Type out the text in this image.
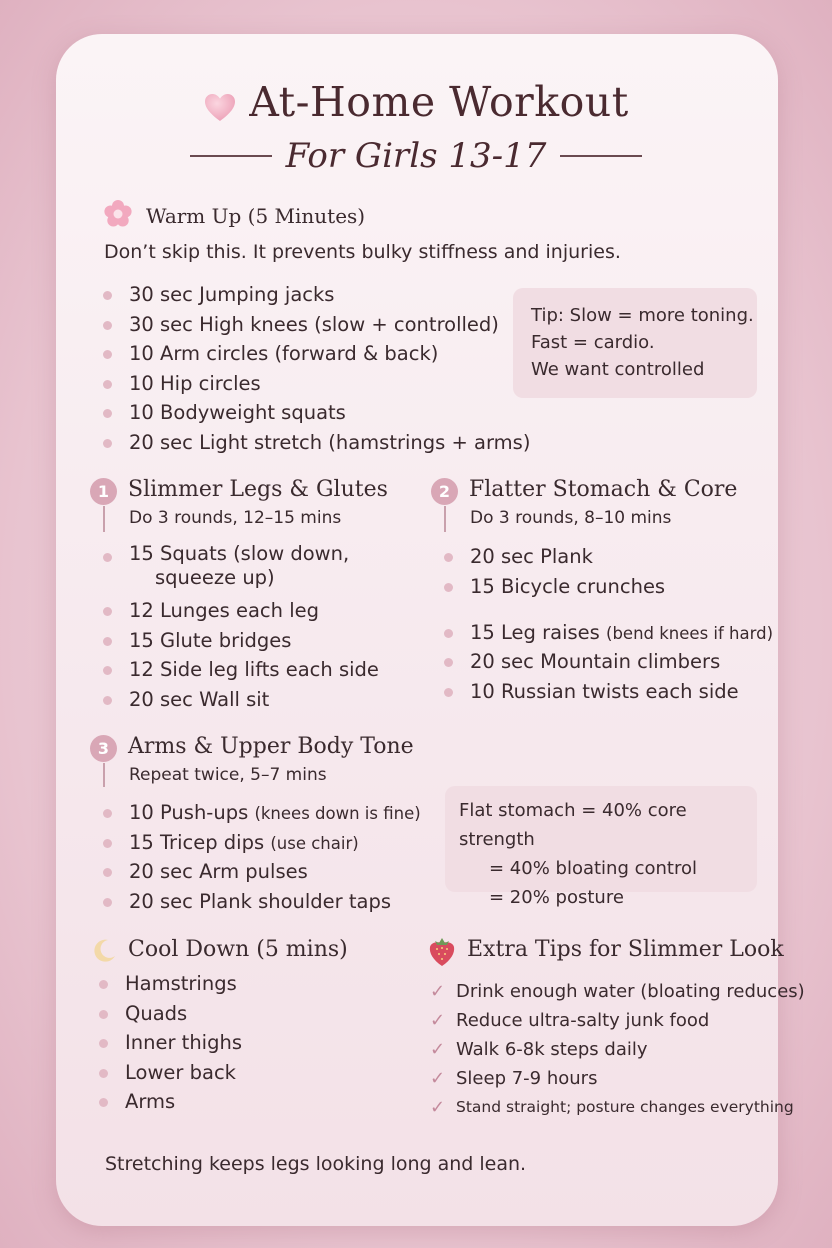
At-Home Workout
For Girls 13-17
Warm Up (5 Minutes)
Don’t skip this. It prevents bulky stiffness and injuries.
30 sec Jumping jacks
30 sec High knees (slow + controlled)
10 Arm circles (forward & back)
10 Hip circles
10 Bodyweight squats
20 sec Light stretch (hamstrings + arms)
Tip: Slow = more toning.
Fast = cardio.
We want controlled
1 Slimmer Legs & Glutes
Do 3 rounds, 12–15 mins
15 Squats (slow down,
squeeze up)
12 Lunges each leg
15 Glute bridges
12 Side leg lifts each side
20 sec Wall sit
2 Flatter Stomach & Core
Do 3 rounds, 8–10 mins
20 sec Plank
15 Bicycle crunches
15 Leg raises (bend knees if hard)
20 sec Mountain climbers
10 Russian twists each side
3 Arms & Upper Body Tone
Repeat twice, 5–7 mins
10 Push-ups (knees down is fine)
15 Tricep dips (use chair)
20 sec Arm pulses
20 sec Plank shoulder taps
Flat stomach = 40% core strength
= 40% bloating control
= 20% posture
Cool Down (5 mins)
Hamstrings
Quads
Inner thighs
Lower back
Arms
Extra Tips for Slimmer Look
✓ Drink enough water (bloating reduces)
✓ Reduce ultra-salty junk food
✓ Walk 6-8k steps daily
✓ Sleep 7-9 hours
✓ Stand straight; posture changes everything
Stretching keeps legs looking long and lean.
